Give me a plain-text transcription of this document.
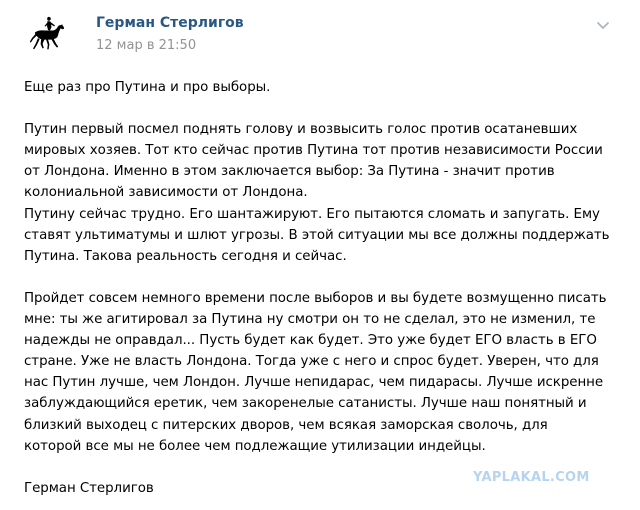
Герман Стерлигов
12 мар в 21:50
Еще раз про Путина и про выборы.
Путин первый посмел поднять голову и возвысить голос против осатаневших
мировых хозяев. Тот кто сейчас против Путина тот против независимости России
от Лондона. Именно в этом заключается выбор: За Путина - значит против
колониальной зависимости от Лондона.
Путину сейчас трудно. Его шантажируют. Его пытаются сломать и запугать. Ему
ставят ультиматумы и шлют угрозы. В этой ситуации мы все должны поддержать
Путина. Такова реальность сегодня и сейчас.
Пройдет совсем немного времени после выборов и вы будете возмущенно писать
мне: ты же агитировал за Путина ну смотри он то не сделал, это не изменил, те
надежды не оправдал... Пусть будет как будет. Это уже будет ЕГО власть в ЕГО
стране. Уже не власть Лондона. Тогда уже с него и спрос будет. Уверен, что для
нас Путин лучше, чем Лондон. Лучше непидарас, чем пидарасы. Лучше искренне
заблуждающийся еретик, чем закоренелые сатанисты. Лучше наш понятный и
близкий выходец с питерских дворов, чем всякая заморская сволочь, для
которой все мы не более чем подлежащие утилизации индейцы.
Герман Стерлигов
YAPLAKAL.COM
